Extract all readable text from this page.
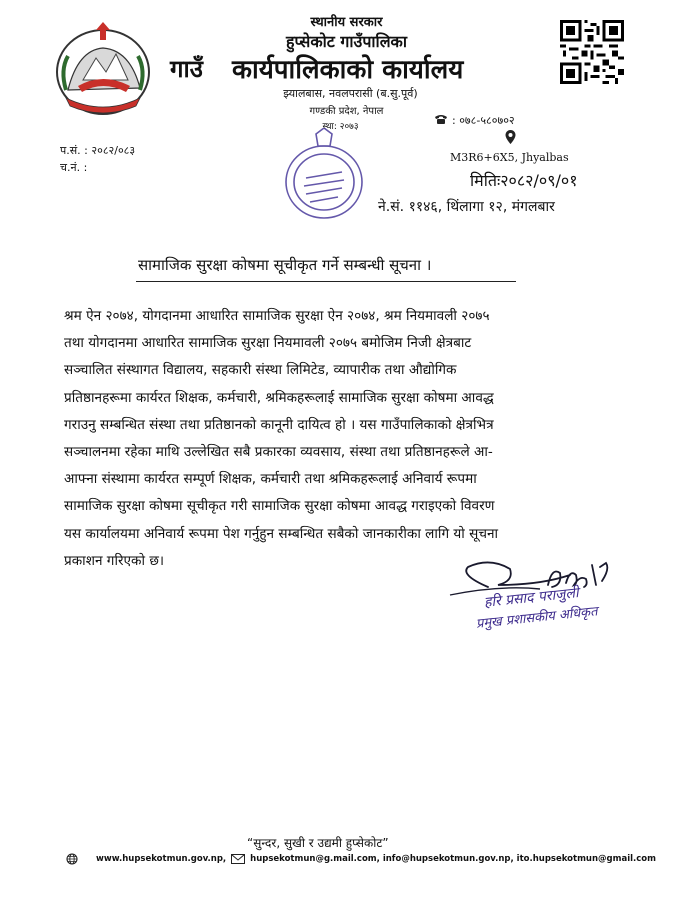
स्थानीय सरकार
हुप्सेकोट गाउँपालिका
गाउँ कार्यपालिकाको कार्यालय
झ्यालबास, नवलपरासी (ब.सु.पूर्व)
गण्डकी प्रदेश, नेपाल
स्था: २०७३
प.सं. : २०८२/०८३
च.नं. :
: ०७८-५८०७०२
M3R6+6X5, Jhyalbas
मितिः२०८२/०९/०१
ने.सं. ११४६, थिंलागा १२, मंगलबार
सामाजिक सुरक्षा कोषमा सूचीकृत गर्ने सम्बन्धी सूचना ।
श्रम ऐन २०७४, योगदानमा आधारित सामाजिक सुरक्षा ऐन २०७४, श्रम नियमावली २०७५
तथा योगदानमा आधारित सामाजिक सुरक्षा नियमावली २०७५ बमोजिम निजी क्षेत्रबाट
सञ्चालित संस्थागत विद्यालय, सहकारी संस्था लिमिटेड, व्यापारीक तथा औद्योगिक
प्रतिष्ठानहरूमा कार्यरत शिक्षक, कर्मचारी, श्रमिकहरूलाई सामाजिक सुरक्षा कोषमा आवद्ध
गराउनु सम्बन्धित संस्था तथा प्रतिष्ठानको कानूनी दायित्व हो । यस गाउँपालिकाको क्षेत्रभित्र
सञ्चालनमा रहेका माथि उल्लेखित सबै प्रकारका व्यवसाय, संस्था तथा प्रतिष्ठानहरूले आ-
आफ्ना संस्थामा कार्यरत सम्पूर्ण शिक्षक, कर्मचारी तथा श्रमिकहरूलाई अनिवार्य रूपमा
सामाजिक सुरक्षा कोषमा सूचीकृत गरी सामाजिक सुरक्षा कोषमा आवद्ध गराइएको विवरण
यस कार्यालयमा अनिवार्य रूपमा पेश गर्नुहुन सम्बन्धित सबैको जानकारीका लागि यो सूचना
प्रकाशन गरिएको छ।
हरि प्रसाद पराजुली
प्रमुख प्रशासकीय अधिकृत
“सुन्दर, सुखी र उद्यमी हुप्सेकोट”
www.hupsekotmun.gov.np,	hupsekotmun@g.mail.com, info@hupsekotmun.gov.np, ito.hupsekotmun@gmail.com
